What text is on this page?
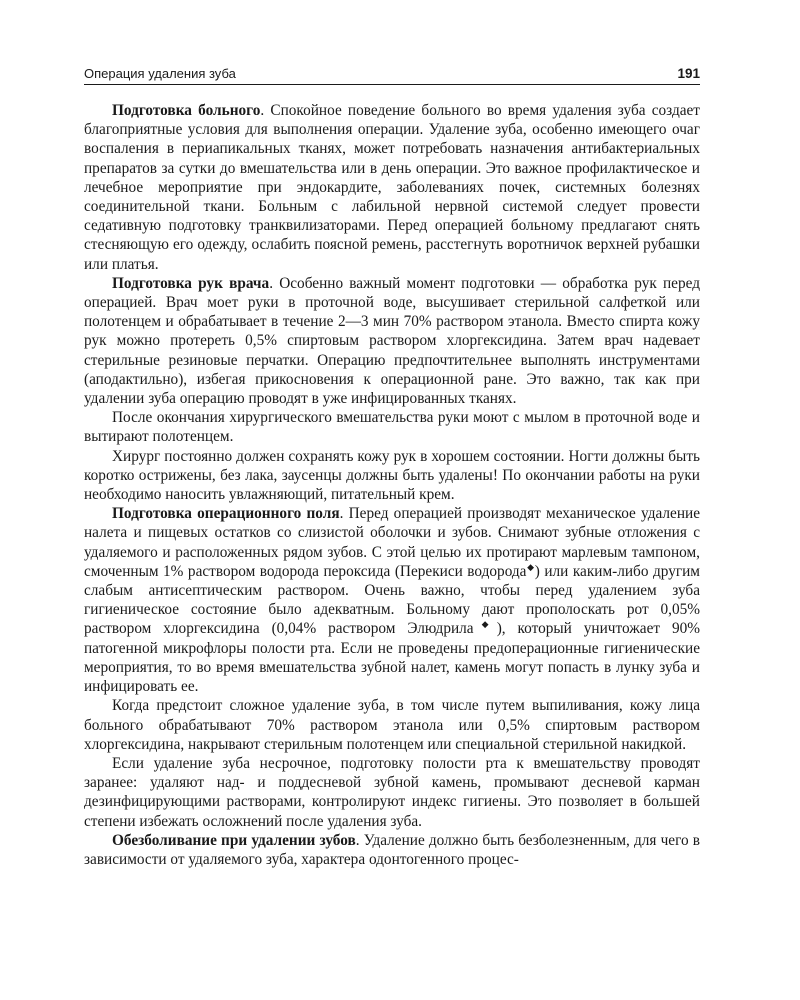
Операция удаления зуба	191

Подготовка больного. Спокойное поведение больного во время удаления зуба создает благоприятные условия для выполнения операции. Удаление зуба, особенно имеющего очаг воспаления в периапикальных тканях, может потребовать назначения антибактериальных препаратов за сутки до вмешательства или в день операции. Это важное профилактическое и лечебное мероприятие при эндокардите, заболеваниях почек, системных болезнях соединительной ткани. Больным с лабильной нервной системой следует провести седативную подготовку транквилизаторами. Перед операцией больному предлагают снять стесняющую его одежду, ослабить поясной ремень, расстегнуть воротничок верхней рубашки или платья.

Подготовка рук врача. Особенно важный момент подготовки — обработка рук перед операцией. Врач моет руки в проточной воде, высушивает стерильной салфеткой или полотенцем и обрабатывает в течение 2—3 мин 70% раствором этанола. Вместо спирта кожу рук можно протереть 0,5% спиртовым раствором хлоргексидина. Затем врач надевает стерильные резиновые перчатки. Операцию предпочтительнее выполнять инструментами (аподактильно), избегая прикосновения к операционной ране. Это важно, так как при удалении зуба операцию проводят в уже инфицированных тканях.

После окончания хирургического вмешательства руки моют с мылом в проточной воде и вытирают полотенцем.

Хирург постоянно должен сохранять кожу рук в хорошем состоянии. Ногти должны быть коротко острижены, без лака, заусенцы должны быть удалены! По окончании работы на руки необходимо наносить увлажняющий, питательный крем.

Подготовка операционного поля. Перед операцией производят механическое удаление налета и пищевых остатков со слизистой оболочки и зубов. Снимают зубные отложения с удаляемого и расположенных рядом зубов. С этой целью их протирают марлевым тампоном, смоченным 1% раствором водорода пероксида (Перекиси водорода◆) или каким-либо другим слабым антисептическим раствором. Очень важно, чтобы перед удалением зуба гигиеническое состояние было адекватным. Больному дают прополоскать рот 0,05% раствором хлоргексидина (0,04% раствором Элюдрила◆), который уничтожает 90% патогенной микрофлоры полости рта. Если не проведены предоперационные гигиенические мероприятия, то во время вмешательства зубной налет, камень могут попасть в лунку зуба и инфицировать ее.

Когда предстоит сложное удаление зуба, в том числе путем выпиливания, кожу лица больного обрабатывают 70% раствором этанола или 0,5% спиртовым раствором хлоргексидина, накрывают стерильным полотенцем или специальной стерильной накидкой.

Если удаление зуба несрочное, подготовку полости рта к вмешательству проводят заранее: удаляют над- и поддесневой зубной камень, промывают десневой карман дезинфицирующими растворами, контролируют индекс гигиены. Это позволяет в большей степени избежать осложнений после удаления зуба.

Обезболивание при удалении зубов. Удаление должно быть безболезненным, для чего в зависимости от удаляемого зуба, характера одонтогенного процес-
